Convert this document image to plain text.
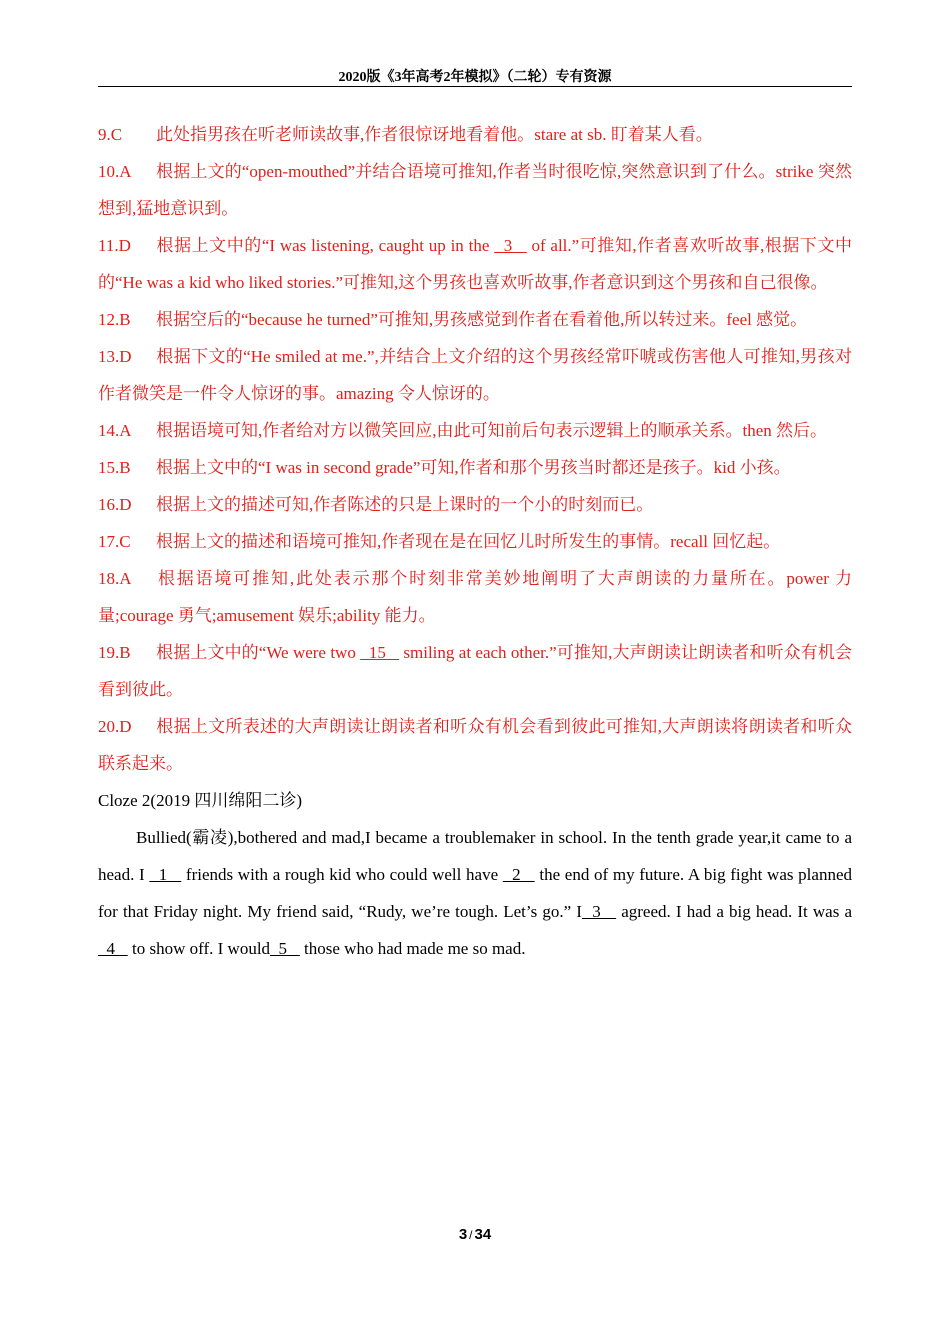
2020版《3年高考2年模拟》（二轮）专有资源

9.C 此处指男孩在听老师读故事,作者很惊讶地看着他。stare at sb. 盯着某人看。

10.A 根据上文的“open-mouthed”并结合语境可推知,作者当时很吃惊,突然意识到了什么。strike 突然想到,猛地意识到。

11.D 根据上文中的“I was listening, caught up in the   3    of all.”可推知,作者喜欢听故事,根据下文中的“He was a kid who liked stories.”可推知,这个男孩也喜欢听故事,作者意识到这个男孩和自己很像。

12.B 根据空后的“because he turned”可推知,男孩感觉到作者在看着他,所以转过来。feel 感觉。

13.D 根据下文的“He smiled at me.”,并结合上文介绍的这个男孩经常吓唬或伤害他人可推知,男孩对作者微笑是一件令人惊讶的事。amazing 令人惊讶的。

14.A 根据语境可知,作者给对方以微笑回应,由此可知前后句表示逻辑上的顺承关系。then 然后。

15.B 根据上文中的“I was in second grade”可知,作者和那个男孩当时都还是孩子。kid 小孩。

16.D 根据上文的描述可知,作者陈述的只是上课时的一个小的时刻而已。

17.C 根据上文的描述和语境可推知,作者现在是在回忆儿时所发生的事情。recall 回忆起。

18.A 根据语境可推知,此处表示那个时刻非常美妙地阐明了大声朗读的力量所在。power 力量;courage 勇气;amusement 娱乐;ability 能力。

19.B 根据上文中的“We were two   15    smiling at each other.”可推知,大声朗读让朗读者和听众有机会看到彼此。

20.D 根据上文所表述的大声朗读让朗读者和听众有机会看到彼此可推知,大声朗读将朗读者和听众联系起来。

Cloze 2(2019 四川绵阳二诊)

Bullied(霸凌),bothered and mad,I became a troublemaker in school. In the tenth grade year,it came to a head. I   1    friends with a rough kid who could well have   2    the end of my future. A big fight was planned for that Friday night. My friend said, “Rudy, we’re tough. Let’s go.” I  3    agreed. I had a big head. It was a   4    to show off. I would  5    those who had made me so mad.

3 / 34
